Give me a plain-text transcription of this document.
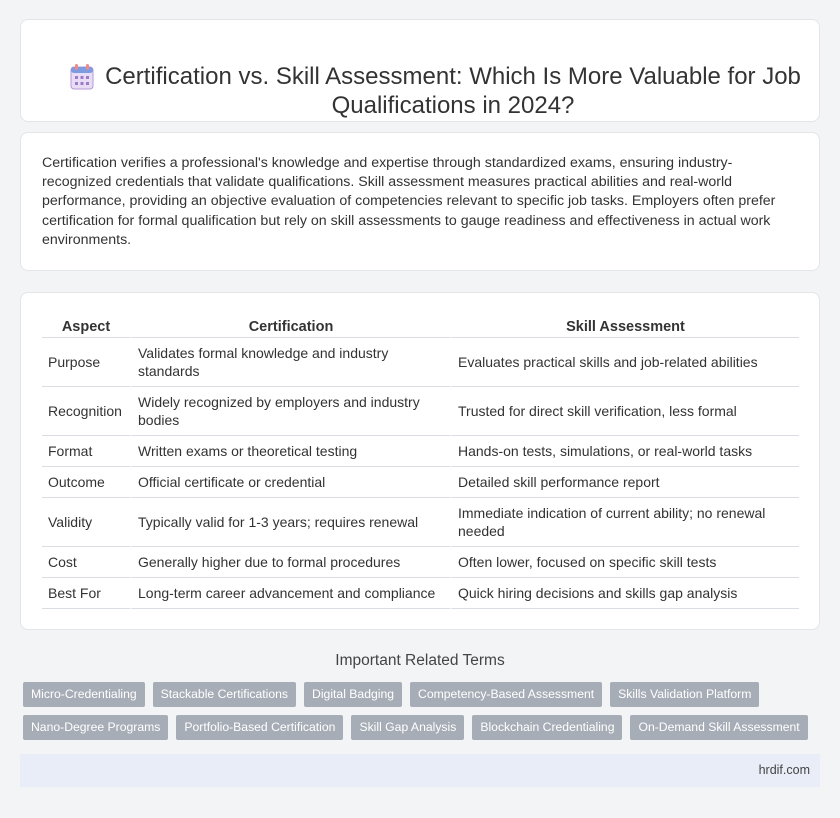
Certification vs. Skill Assessment: Which Is More Valuable for Job Qualifications in 2024?

Certification verifies a professional's knowledge and expertise through standardized exams, ensuring industry-recognized credentials that validate qualifications. Skill assessment measures practical abilities and real-world performance, providing an objective evaluation of competencies relevant to specific job tasks. Employers often prefer certification for formal qualification but rely on skill assessments to gauge readiness and effectiveness in actual work environments.

Aspect	Certification	Skill Assessment
Purpose	Validates formal knowledge and industry standards	Evaluates practical skills and job-related abilities
Recognition	Widely recognized by employers and industry bodies	Trusted for direct skill verification, less formal
Format	Written exams or theoretical testing	Hands-on tests, simulations, or real-world tasks
Outcome	Official certificate or credential	Detailed skill performance report
Validity	Typically valid for 1-3 years; requires renewal	Immediate indication of current ability; no renewal needed
Cost	Generally higher due to formal procedures	Often lower, focused on specific skill tests
Best For	Long-term career advancement and compliance	Quick hiring decisions and skills gap analysis
Important Related Terms
Micro-Credentialing	Stackable Certifications	Digital Badging	Competency-Based Assessment	Skills Validation Platform
Nano-Degree Programs	Portfolio-Based Certification	Skill Gap Analysis	Blockchain Credentialing	On-Demand Skill Assessment
hrdif.com
